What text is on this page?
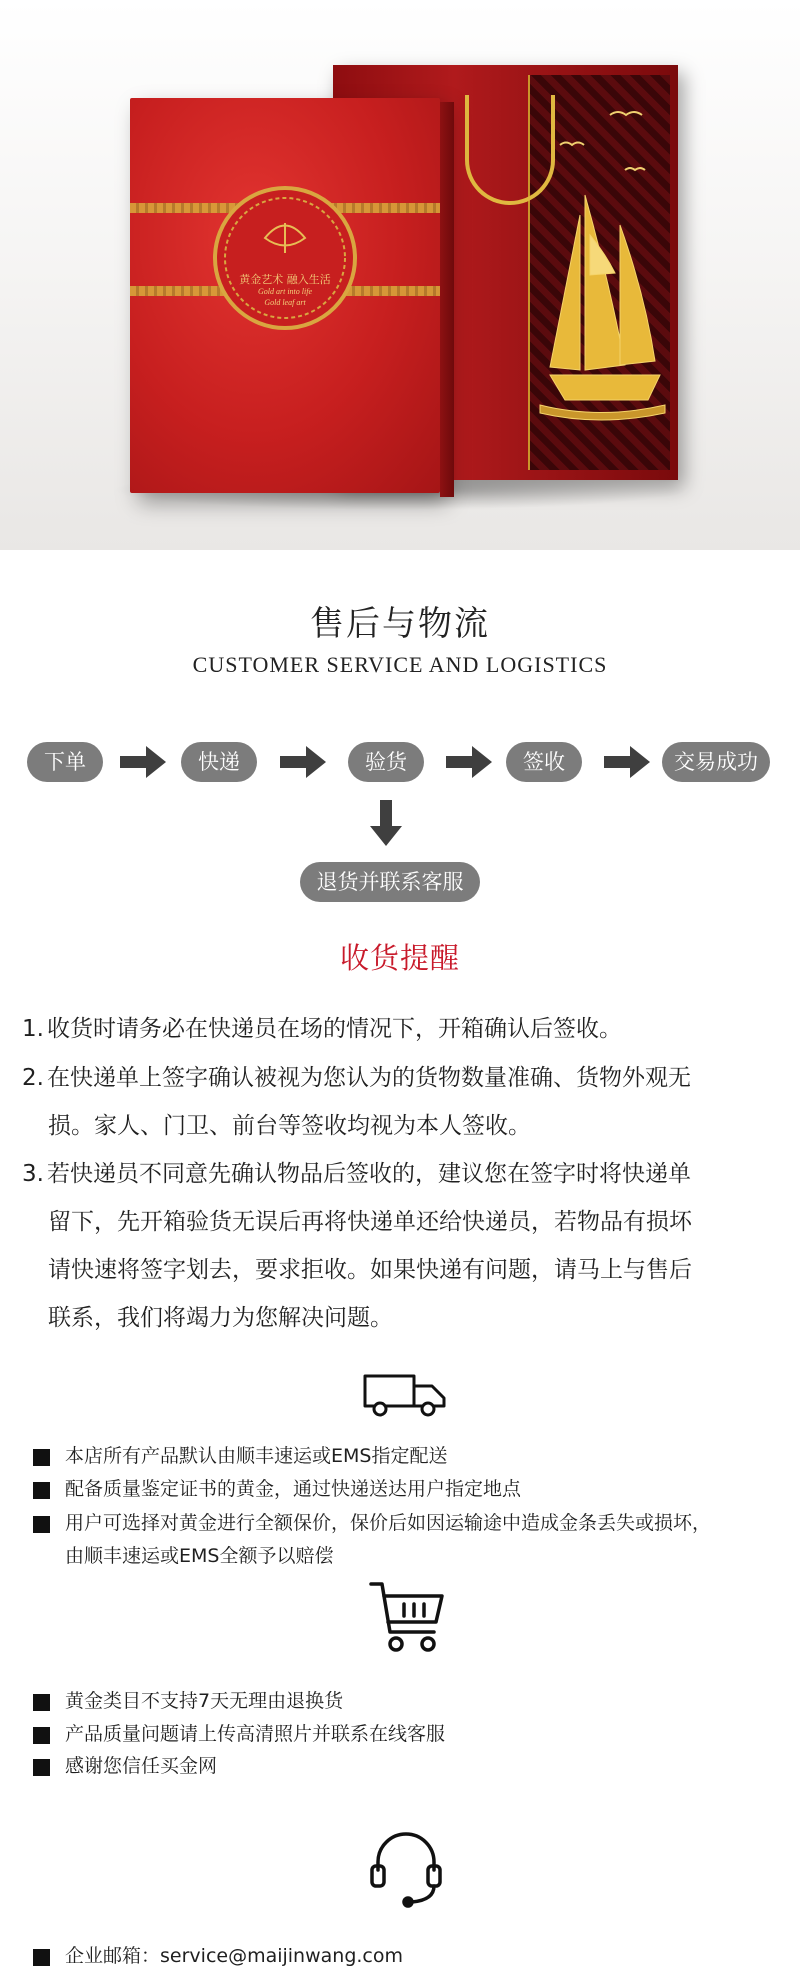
黄金艺术 融入生活
Gold art into life
Gold leaf art
售后与物流
CUSTOMER SERVICE AND LOGISTICS
下单	快递	验货	签收	交易成功
退货并联系客服
收货提醒
1. 收货时请务必在快递员在场的情况下，开箱确认后签收。
2. 在快递单上签字确认被视为您认为的货物数量准确、货物外观无
损。家人、门卫、前台等签收均视为本人签收。
3. 若快递员不同意先确认物品后签收的，建议您在签字时将快递单
留下，先开箱验货无误后再将快递单还给快递员，若物品有损坏
请快速将签字划去，要求拒收。如果快递有问题，请马上与售后
联系，我们将竭力为您解决问题。
本店所有产品默认由顺丰速运或EMS指定配送
配备质量鉴定证书的黄金，通过快递送达用户指定地点
用户可选择对黄金进行全额保价，保价后如因运输途中造成金条丢失或损坏，
由顺丰速运或EMS全额予以赔偿
黄金类目不支持7天无理由退换货
产品质量问题请上传高清照片并联系在线客服
感谢您信任买金网
企业邮箱：service@maijinwang.com
